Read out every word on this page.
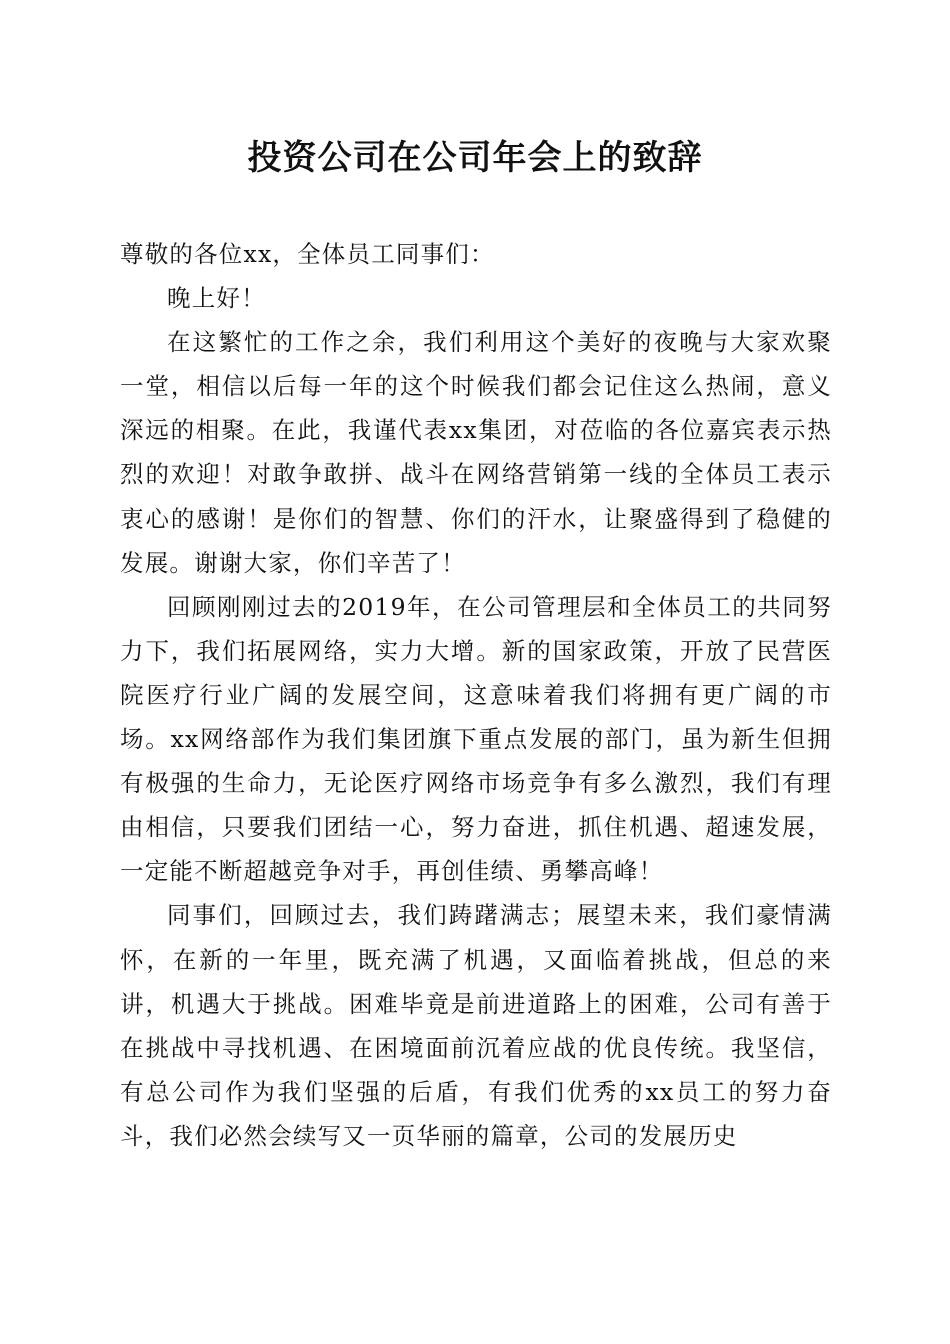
投资公司在公司年会上的致辞

尊敬的各位xx，全体员工同事们：

晚上好！

在这繁忙的工作之余，我们利用这个美好的夜晚与大家欢聚一堂，相信以后每一年的这个时候我们都会记住这么热闹，意义深远的相聚。在此，我谨代表xx集团，对莅临的各位嘉宾表示热烈的欢迎！对敢争敢拼、战斗在网络营销第一线的全体员工表示衷心的感谢！是你们的智慧、你们的汗水，让聚盛得到了稳健的发展。谢谢大家，你们辛苦了！

回顾刚刚过去的2019年，在公司管理层和全体员工的共同努力下，我们拓展网络，实力大增。新的国家政策，开放了民营医院医疗行业广阔的发展空间，这意味着我们将拥有更广阔的市场。xx网络部作为我们集团旗下重点发展的部门，虽为新生但拥有极强的生命力，无论医疗网络市场竞争有多么激烈，我们有理由相信，只要我们团结一心，努力奋进，抓住机遇、超速发展，一定能不断超越竞争对手，再创佳绩、勇攀高峰！

同事们，回顾过去，我们踌躇满志；展望未来，我们豪情满怀，在新的一年里，既充满了机遇，又面临着挑战，但总的来讲，机遇大于挑战。困难毕竟是前进道路上的困难，公司有善于在挑战中寻找机遇、在困境面前沉着应战的优良传统。我坚信，有总公司作为我们坚强的后盾，有我们优秀的xx员工的努力奋斗，我们必然会续写又一页华丽的篇章，公司的发展历史
